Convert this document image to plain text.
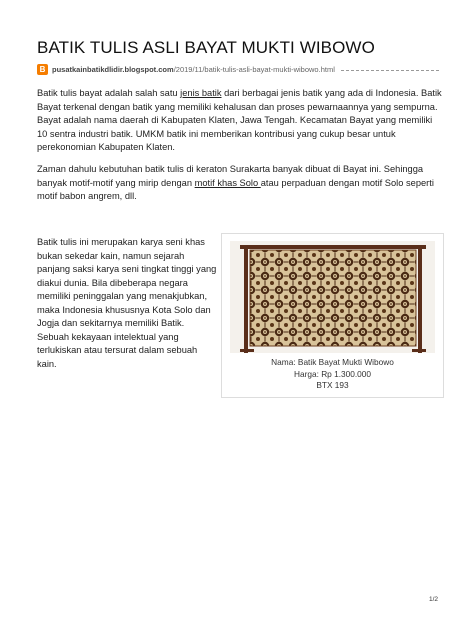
BATIK TULIS ASLI BAYAT MUKTI WIBOWO
B pusatkainbatikdlidir.blogspot.com/2019/11/batik-tulis-asli-bayat-mukti-wibowo.html

Batik tulis bayat adalah salah satu jenis batik dari berbagai jenis batik yang ada di Indonesia. Batik Bayat terkenal dengan batik yang memiliki kehalusan dan proses pewarnaannya yang sempurna. Bayat adalah nama daerah di Kabupaten Klaten, Jawa Tengah. Kecamatan Bayat yang memiliki 10 sentra industri batik. UMKM batik ini memberikan kontribusi yang cukup besar untuk perekonomian Kabupaten Klaten.

Zaman dahulu kebutuhan batik tulis di keraton Surakarta banyak dibuat di Bayat ini. Sehingga banyak motif-motif yang mirip dengan motif khas Solo atau perpaduan dengan motif Solo seperti motif babon angrem, dll.

Batik tulis ini merupakan karya seni khas bukan sekedar kain, namun sejarah panjang saksi karya seni tingkat tinggi yang diakui dunia. Bila dibeberapa negara memiliki peninggalan yang menakjubkan, maka Indonesia khususnya Kota Solo dan Jogja dan sekitarnya memiliki Batik. Sebuah kekayaan intelektual yang terlukiskan atau tersurat dalam sebuah kain.	Nama: Batik Bayat Mukti Wibowo
Harga: Rp 1.300.000
BTX 193
1/2
